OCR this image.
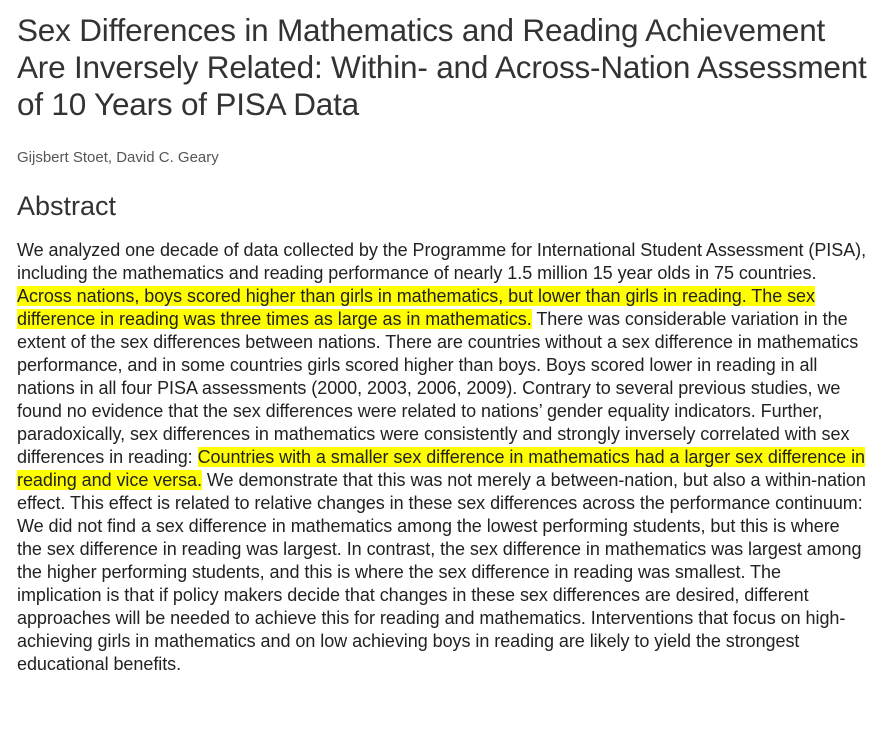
Sex Differences in Mathematics and Reading Achievement Are Inversely Related: Within- and Across-Nation Assessment of 10 Years of PISA Data
Gijsbert Stoet, David C. Geary
Abstract

We analyzed one decade of data collected by the Programme for International Student Assessment (PISA), including the mathematics and reading performance of nearly 1.5 million 15 year olds in 75 countries. Across nations, boys scored higher than girls in mathematics, but lower than girls in reading. The sex difference in reading was three times as large as in mathematics. There was considerable variation in the extent of the sex differences between nations. There are countries without a sex difference in mathematics performance, and in some countries girls scored higher than boys. Boys scored lower in reading in all nations in all four PISA assessments (2000, 2003, 2006, 2009). Contrary to several previous studies, we found no evidence that the sex differences were related to nations’ gender equality indicators. Further, paradoxically, sex differences in mathematics were consistently and strongly inversely correlated with sex differences in reading: Countries with a smaller sex difference in mathematics had a larger sex difference in reading and vice versa. We demonstrate that this was not merely a between-nation, but also a within-nation effect. This effect is related to relative changes in these sex differences across the performance continuum: We did not find a sex difference in mathematics among the lowest performing students, but this is where the sex difference in reading was largest. In contrast, the sex difference in mathematics was largest among the higher performing students, and this is where the sex difference in reading was smallest. The implication is that if policy makers decide that changes in these sex differences are desired, different approaches will be needed to achieve this for reading and mathematics. Interventions that focus on high-achieving girls in mathematics and on low achieving boys in reading are likely to yield the strongest educational benefits.
